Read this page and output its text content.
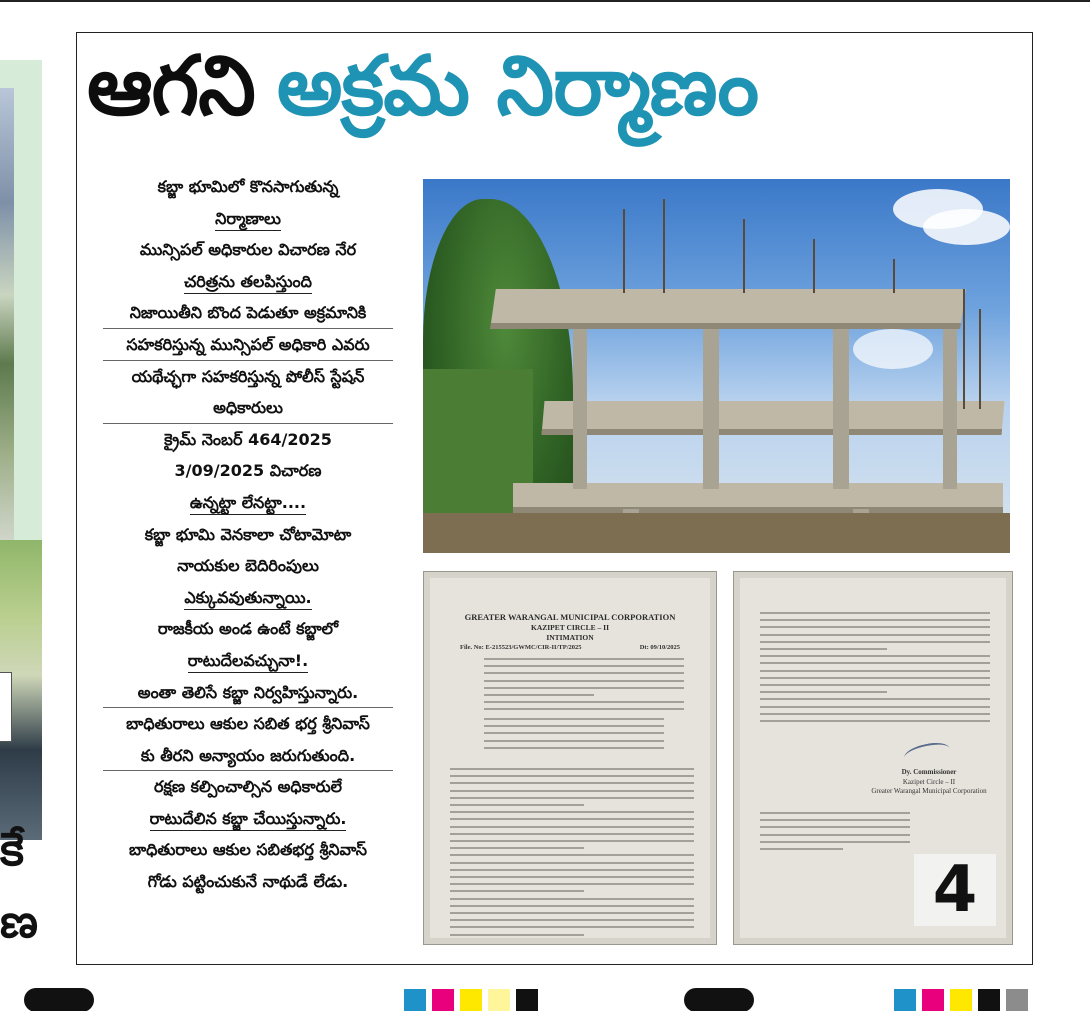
కే
ణ
ఆగని అక్రమ నిర్మాణం
కబ్జా భూమిలో కొనసాగుతున్న
నిర్మాణాలు
మున్సిపల్ అధికారుల విచారణ నేర
చరిత్రను తలపిస్తుంది
నిజాయితీని బొంద పెడుతూ అక్రమానికి
సహకరిస్తున్న మున్సిపల్ అధికారి ఎవరు
యథేచ్ఛగా సహకరిస్తున్న పోలీస్ స్టేషన్
అధికారులు
క్రైమ్ నెంబర్ 464/2025
3/09/2025 విచారణ
ఉన్నట్టా లేనట్టా....
కబ్జా భూమి వెనకాలా చోటామోటా
నాయకుల బెదిరింపులు
ఎక్కువవుతున్నాయి.
రాజకీయ అండ ఉంటే కబ్జాలో
రాటుదేలవచ్చునా!.
అంతా తెలిసే కబ్జా నిర్వహిస్తున్నారు.
బాధితురాలు ఆకుల సబిత భర్త శ్రీనివాస్
కు తీరని అన్యాయం జరుగుతుంది.
రక్షణ కల్పించాల్సిన అధికారులే
రాటుదేలిన కబ్జా చేయిస్తున్నారు.
బాధితురాలు ఆకుల సబితభర్త శ్రీనివాస్
గోడు పట్టించుకునే నాథుడే లేడు.
GREATER WARANGAL MUNICIPAL CORPORATION
KAZIPET CIRCLE – II
INTIMATION
File. No: E-215523/GWMC/CIR-II/TP/2025	Dt: 09/10/2025
Dy. Commissioner
Kazipet Circle – II
Greater Warangal Municipal Corporation
4
